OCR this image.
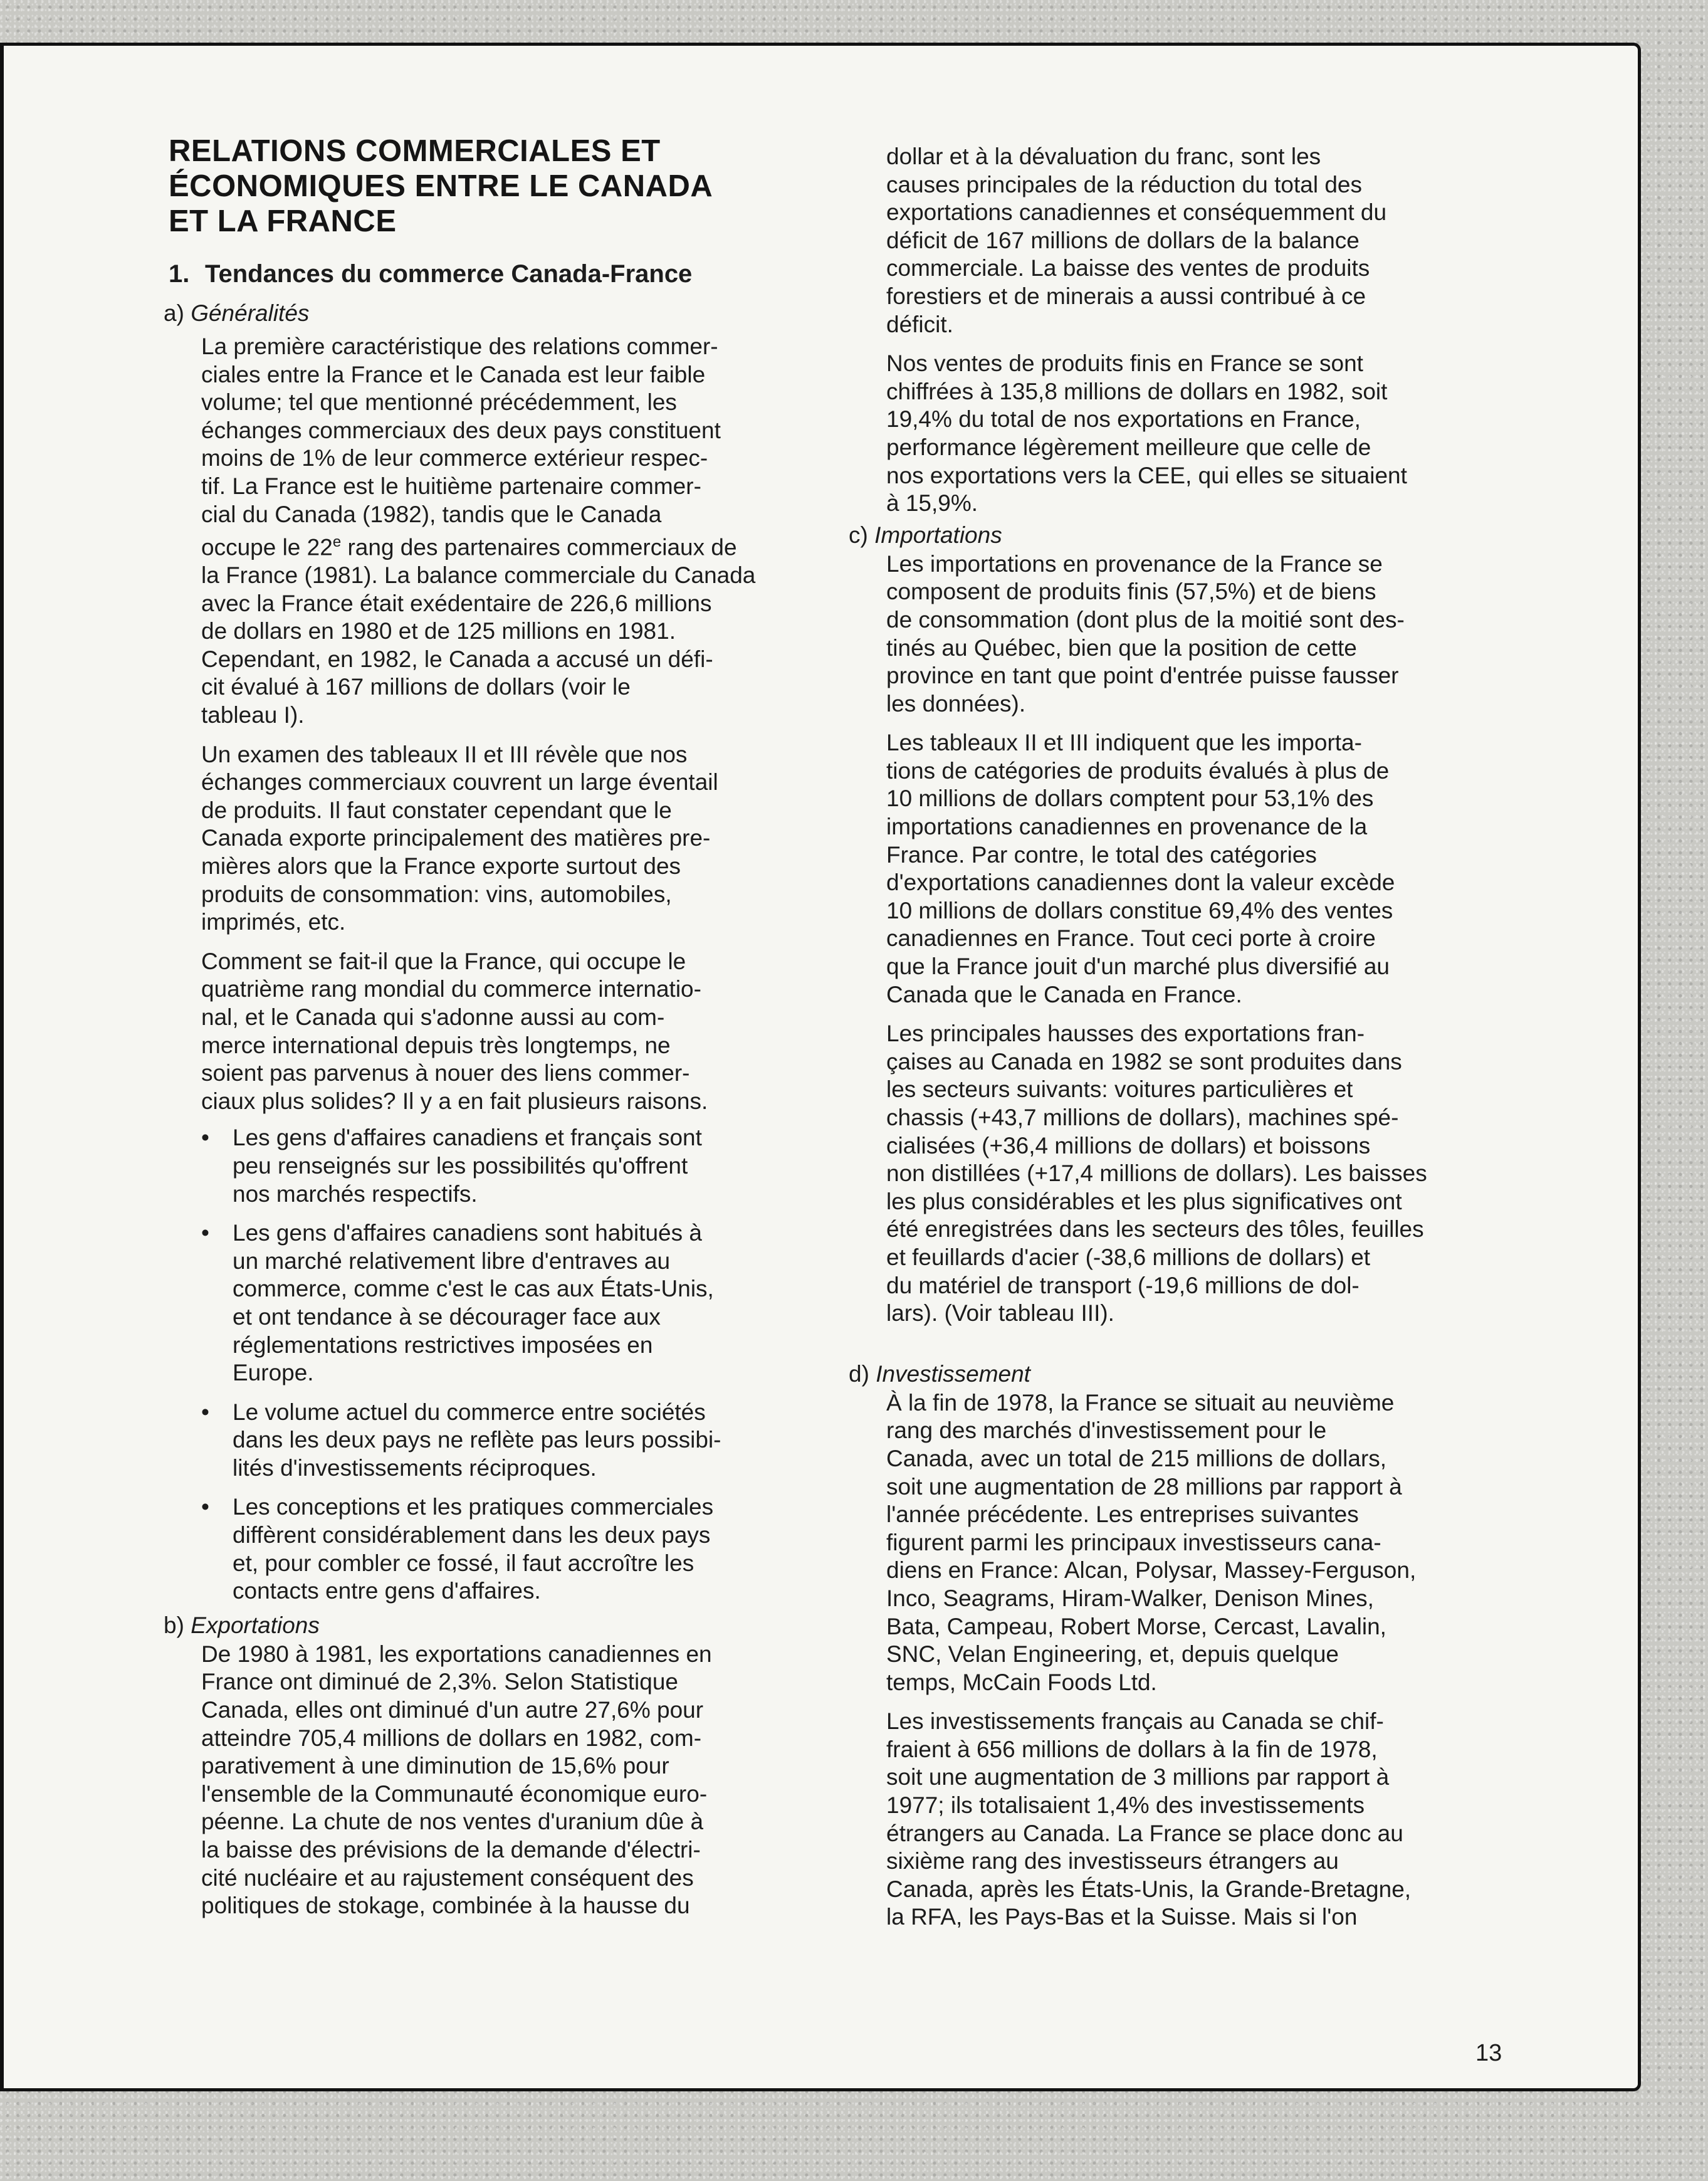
RELATIONS COMMERCIALES ET
ÉCONOMIQUES ENTRE LE CANADA
ET LA FRANCE
1. Tendances du commerce Canada-France
a) Généralités

La première caractéristique des relations commer-
ciales entre la France et le Canada est leur faible
volume; tel que mentionné précédemment, les
échanges commerciaux des deux pays constituent
moins de 1% de leur commerce extérieur respec-
tif. La France est le huitième partenaire commer-
cial du Canada (1982), tandis que le Canada
occupe le 22e rang des partenaires commerciaux de
la France (1981). La balance commerciale du Canada
avec la France était exédentaire de 226,6 millions
de dollars en 1980 et de 125 millions en 1981.
Cependant, en 1982, le Canada a accusé un défi-
cit évalué à 167 millions de dollars (voir le
tableau I).

Un examen des tableaux II et III révèle que nos
échanges commerciaux couvrent un large éventail
de produits. Il faut constater cependant que le
Canada exporte principalement des matières pre-
mières alors que la France exporte surtout des
produits de consommation: vins, automobiles,
imprimés, etc.

Comment se fait-il que la France, qui occupe le
quatrième rang mondial du commerce internatio-
nal, et le Canada qui s'adonne aussi au com-
merce international depuis très longtemps, ne
soient pas parvenus à nouer des liens commer-
ciaux plus solides? Il y a en fait plusieurs raisons.

• Les gens d'affaires canadiens et français sont
peu renseignés sur les possibilités qu'offrent
nos marchés respectifs.
• Les gens d'affaires canadiens sont habitués à
un marché relativement libre d'entraves au
commerce, comme c'est le cas aux États-Unis,
et ont tendance à se décourager face aux
réglementations restrictives imposées en
Europe.
• Le volume actuel du commerce entre sociétés
dans les deux pays ne reflète pas leurs possibi-
lités d'investissements réciproques.
• Les conceptions et les pratiques commerciales
diffèrent considérablement dans les deux pays
et, pour combler ce fossé, il faut accroître les
contacts entre gens d'affaires.
b) Exportations

De 1980 à 1981, les exportations canadiennes en
France ont diminué de 2,3%. Selon Statistique
Canada, elles ont diminué d'un autre 27,6% pour
atteindre 705,4 millions de dollars en 1982, com-
parativement à une diminution de 15,6% pour
l'ensemble de la Communauté économique euro-
péenne. La chute de nos ventes d'uranium dûe à
la baisse des prévisions de la demande d'électri-
cité nucléaire et au rajustement conséquent des
politiques de stokage, combinée à la hausse du

dollar et à la dévaluation du franc, sont les
causes principales de la réduction du total des
exportations canadiennes et conséquemment du
déficit de 167 millions de dollars de la balance
commerciale. La baisse des ventes de produits
forestiers et de minerais a aussi contribué à ce
déficit.

Nos ventes de produits finis en France se sont
chiffrées à 135,8 millions de dollars en 1982, soit
19,4% du total de nos exportations en France,
performance légèrement meilleure que celle de
nos exportations vers la CEE, qui elles se situaient
à 15,9%.

c) Importations

Les importations en provenance de la France se
composent de produits finis (57,5%) et de biens
de consommation (dont plus de la moitié sont des-
tinés au Québec, bien que la position de cette
province en tant que point d'entrée puisse fausser
les données).

Les tableaux II et III indiquent que les importa-
tions de catégories de produits évalués à plus de
10 millions de dollars comptent pour 53,1% des
importations canadiennes en provenance de la
France. Par contre, le total des catégories
d'exportations canadiennes dont la valeur excède
10 millions de dollars constitue 69,4% des ventes
canadiennes en France. Tout ceci porte à croire
que la France jouit d'un marché plus diversifié au
Canada que le Canada en France.

Les principales hausses des exportations fran-
çaises au Canada en 1982 se sont produites dans
les secteurs suivants: voitures particulières et
chassis (+43,7 millions de dollars), machines spé-
cialisées (+36,4 millions de dollars) et boissons
non distillées (+17,4 millions de dollars). Les baisses
les plus considérables et les plus significatives ont
été enregistrées dans les secteurs des tôles, feuilles
et feuillards d'acier (-38,6 millions de dollars) et
du matériel de transport (-19,6 millions de dol-
lars). (Voir tableau III).

d) Investissement

À la fin de 1978, la France se situait au neuvième
rang des marchés d'investissement pour le
Canada, avec un total de 215 millions de dollars,
soit une augmentation de 28 millions par rapport à
l'année précédente. Les entreprises suivantes
figurent parmi les principaux investisseurs cana-
diens en France: Alcan, Polysar, Massey-Ferguson,
Inco, Seagrams, Hiram-Walker, Denison Mines,
Bata, Campeau, Robert Morse, Cercast, Lavalin,
SNC, Velan Engineering, et, depuis quelque
temps, McCain Foods Ltd.

Les investissements français au Canada se chif-
fraient à 656 millions de dollars à la fin de 1978,
soit une augmentation de 3 millions par rapport à
1977; ils totalisaient 1,4% des investissements
étrangers au Canada. La France se place donc au
sixième rang des investisseurs étrangers au
Canada, après les États-Unis, la Grande-Bretagne,
la RFA, les Pays-Bas et la Suisse. Mais si l'on

13
